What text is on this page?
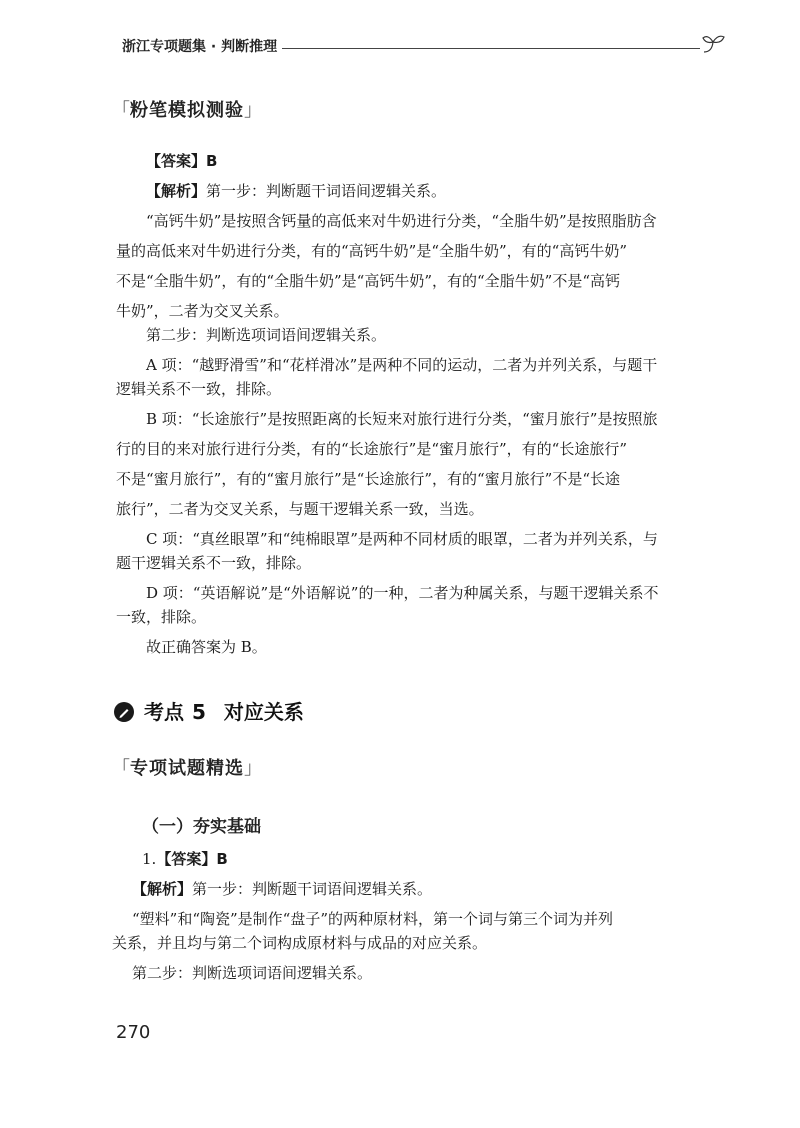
浙江专项题集 · 判断推理
「粉笔模拟测验」
【答案】B
【解析】第一步：判断题干词语间逻辑关系。
“高钙牛奶”是按照含钙量的高低来对牛奶进行分类，“全脂牛奶”是按照脂肪含
量的高低来对牛奶进行分类，有的“高钙牛奶”是“全脂牛奶”，有的“高钙牛奶”
不是“全脂牛奶”，有的“全脂牛奶”是“高钙牛奶”，有的“全脂牛奶”不是“高钙
牛奶”，二者为交叉关系。
第二步：判断选项词语间逻辑关系。
A 项：“越野滑雪”和“花样滑冰”是两种不同的运动，二者为并列关系，与题干
逻辑关系不一致，排除。
B 项：“长途旅行”是按照距离的长短来对旅行进行分类，“蜜月旅行”是按照旅
行的目的来对旅行进行分类，有的“长途旅行”是“蜜月旅行”，有的“长途旅行”
不是“蜜月旅行”，有的“蜜月旅行”是“长途旅行”，有的“蜜月旅行”不是“长途
旅行”，二者为交叉关系，与题干逻辑关系一致，当选。
C 项：“真丝眼罩”和“纯棉眼罩”是两种不同材质的眼罩，二者为并列关系，与
题干逻辑关系不一致，排除。
D 项：“英语解说”是“外语解说”的一种，二者为种属关系，与题干逻辑关系不
一致，排除。
故正确答案为 B。
考点 5 对应关系
「专项试题精选」
（一）夯实基础
1.【答案】B
【解析】第一步：判断题干词语间逻辑关系。
“塑料”和“陶瓷”是制作“盘子”的两种原材料，第一个词与第三个词为并列
关系，并且均与第二个词构成原材料与成品的对应关系。
第二步：判断选项词语间逻辑关系。
270
